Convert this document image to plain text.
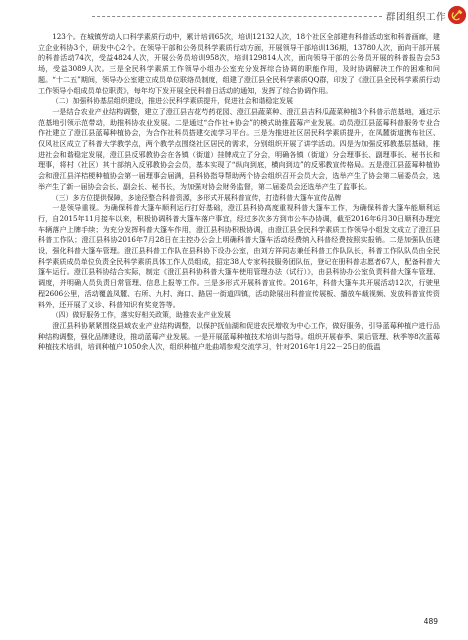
群团组织工作

123个。在城镇劳动人口科学素质行动中，累计培训65次，培训12132人次，18个社区全部建有科普活动室和科普画廊，建立企业科协3个，研发中心2个。在领导干部和公务员科学素质行动方面，开展领导干部培训136期，13780人次，面向干部开展的科普活动74次，受益4824人次，开展公务员培训958次，培训129814人次，面向领导干部的公务员开展的科普报告会53场，受益3089人次。三是全民科学素质工作领导小组办公室充分发挥综合协调的职能作用，及时协调解决工作的困难和问题。“十二五”期间，领导办公室建立成员单位联络员制度，组建了澄江县全民科学素质QQ群，印发了《澄江县全民科学素质行动工作领导小组成员单位职责》，每年均下发开展全民科普日活动的通知，发挥了综合协调作用。

（二）加强科协基层组织建设，推进公民科学素质提升，促进社会和谐稳定发展

一是结合农业产业结构调整，建立了澄江县吉花芍药花园、澄江县蔬菜种、澄江县吉科瓜蔬菜种植3个科普示范基地，通过示范基地引领示范带动，助推科协农业发展。二是通过“合作社+协会”的模式助推蓝莓产业发展。动员澄江县蓝莓科普服务专业合作社建立了澄江县蓝莓种植协会，为合作社科员搭建交流学习平台。三是为推进社区居民科学素质提升，在凤麓街道携布社区、仅风社区成立了科普大学教学点，两个教学点围绕社区居民的需求，分别组织开展了讲学活动。四是为加强反邪教基层基础，推进社会和谐稳定发展，澄江县反邪教协会在各镇（街道）挂牌成立了分会，明确各镇（街道）分会理事长、副理事长、秘书长和理事，将村（社区）其十部纳入反邪教协会会员，基本实现了“纵向到底，横向到边”的反邪教宣传格局。五是澄江县蓝莓种植协会和澄江县洋桔梗种植协会第一届理事会届满，县科协指导帮助两个协会组织召开会员大会，选举产生了协会第二届委员会，选举产生了新一届协会会长、副会长、秘书长，为加强对协会财务监督，第二届委员会还选举产生了监事长。

（三）多方位提供保障，多途径整合科普资源，多形式开展科普宣传，打造科普大篷车宣传品牌

一是领导重视。为确保科普大篷车顺利运行打好基础，澄江县科协高度重视科普大篷车工作，为确保科普大篷车能顺利运行，自2015年11月接车以来，积极协调科普大篷车落户事宜，经过多次多方到市公车办协调，截至2016年6月30日顺利办理完车辆落户上牌手续；为充分发挥科普大篷车作用，澄江县科协积极协调，由澄江县全民科学素质工作领导小组发文成立了澄江县科普工作队；澄江县科协2016年7月28日在主控办公会上明确科普大篷车活动经费纳入科普经费按照实报销。二是加强队伍建设，强化科普大篷车管理。澄江县科普工作队在县科协下设办公室，由刘方祥同志兼任科普工作队队长，科普工作队队员由全民科学素质成员单位负责全民科学素质具体工作人员组成，招定38人专家科技服务团队伍，登记在册科普志愿者67人，配备科普大篷车运行。澄江县科协结合实际，制定《澄江县科协科普大篷车使用管理办法（试行）》，由县科协办公室负责科普大篷车管理、调度，并明确人员负责日常管理、信息上报等工作。三是多形式开展科普宣传。2016年，科普大篷车共开展活动12次，行驶里程2606公里，活动覆盖凤麓、右所、九村、海口、路居一街道四镇，活动除展出科普宣传展板、播放车载视频、发放科普宣传资料外，还开展了义诊、科普知识有奖竞答等。

（四）做好服务工作，落实好相关政策，助推农业产业发展

澄江县科协紧紧围绕县域农业产业结构调整，以保护抚仙湖和促进农民增收为中心工作，做好服务，引导蓝莓种植户进行品种结构调整，强化品牌建设，推动蓝莓产业发展。一是开展蓝莓种植技术培训与指导。组织开展春季、果后管理、秋季等8次蓝莓种植技术培训，培训种植户1050余人次，组织种植户赴曲靖参观交流学习，针对2016年1月22－25日的低温

489
